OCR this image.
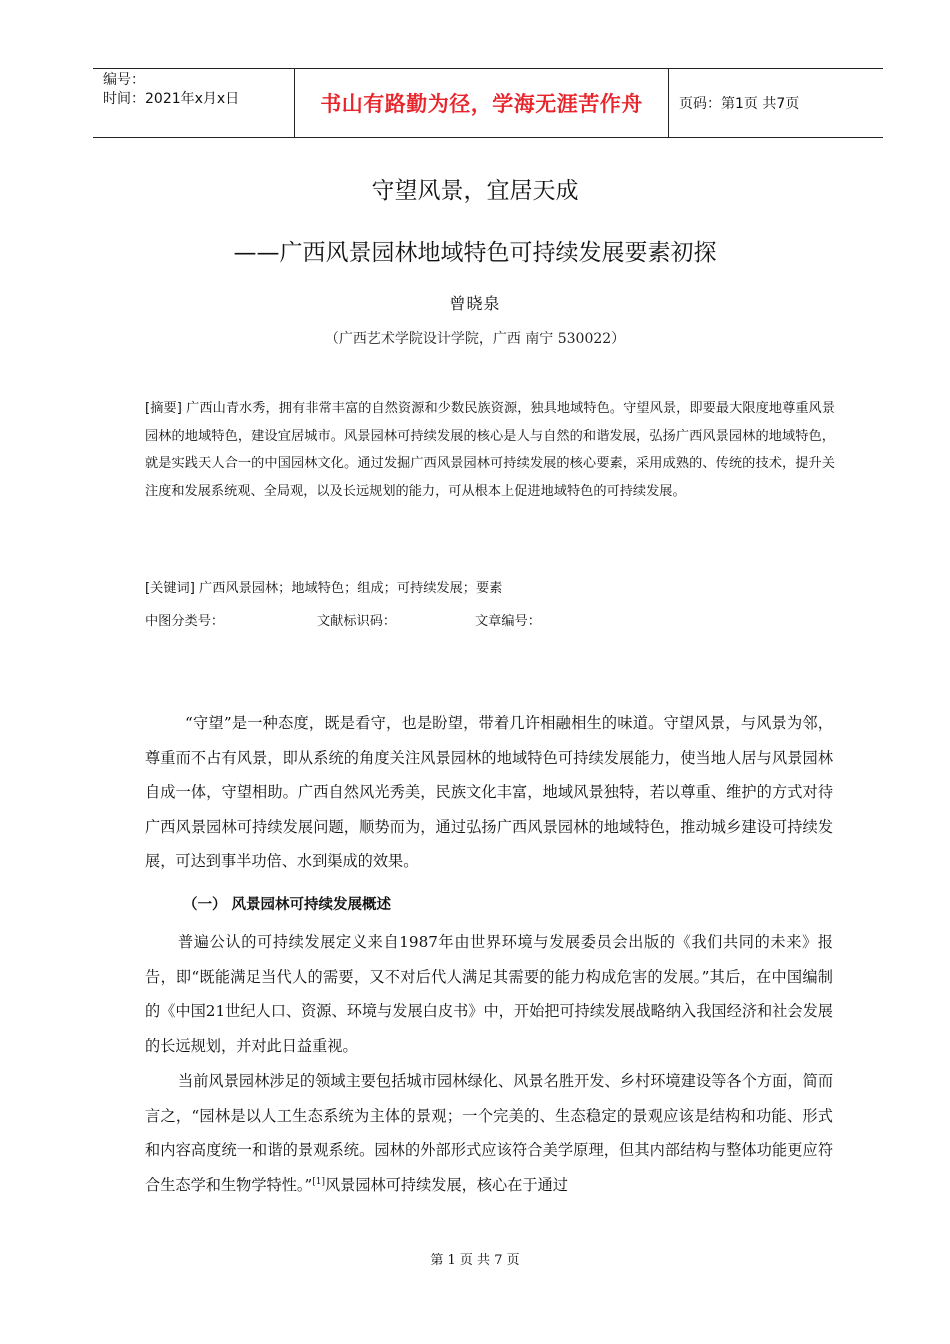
编号：
时间：2021年x月x日	书山有路勤为径，学海无涯苦作舟	页码：第1页 共7页
守望风景，宜居天成
——广西风景园林地域特色可持续发展要素初探
曾晓泉
（广西艺术学院设计学院，广西 南宁 530022）
[摘要] 广西山青水秀，拥有非常丰富的自然资源和少数民族资源，独具地域特色。守望风景，即要最大限度地尊重风景园林的地域特色，建设宜居城市。风景园林可持续发展的核心是人与自然的和谐发展，弘扬广西风景园林的地域特色，就是实践天人合一的中国园林文化。通过发掘广西风景园林可持续发展的核心要素，采用成熟的、传统的技术，提升关注度和发展系统观、全局观，以及长远规划的能力，可从根本上促进地域特色的可持续发展。
[关键词] 广西风景园林；地域特色；组成；可持续发展；要素
中图分类号：	文献标识码：	文章编号：
“守望”是一种态度，既是看守，也是盼望，带着几许相融相生的味道。守望风景，与风景为邻，尊重而不占有风景，即从系统的角度关注风景园林的地域特色可持续发展能力，使当地人居与风景园林自成一体，守望相助。广西自然风光秀美，民族文化丰富，地域风景独特，若以尊重、维护的方式对待广西风景园林可持续发展问题，顺势而为，通过弘扬广西风景园林的地域特色，推动城乡建设可持续发展，可达到事半功倍、水到渠成的效果。
（一） 风景园林可持续发展概述
普遍公认的可持续发展定义来自1987年由世界环境与发展委员会出版的《我们共同的未来》报告，即“既能满足当代人的需要，又不对后代人满足其需要的能力构成危害的发展。”其后，在中国编制的《中国21世纪人口、资源、环境与发展白皮书》中，开始把可持续发展战略纳入我国经济和社会发展的长远规划，并对此日益重视。
当前风景园林涉足的领域主要包括城市园林绿化、风景名胜开发、乡村环境建设等各个方面，简而言之，“园林是以人工生态系统为主体的景观；一个完美的、生态稳定的景观应该是结构和功能、形式和内容高度统一和谐的景观系统。园林的外部形式应该符合美学原理，但其内部结构与整体功能更应符合生态学和生物学特性。”[1]风景园林可持续发展，核心在于通过
第 1 页 共 7 页
